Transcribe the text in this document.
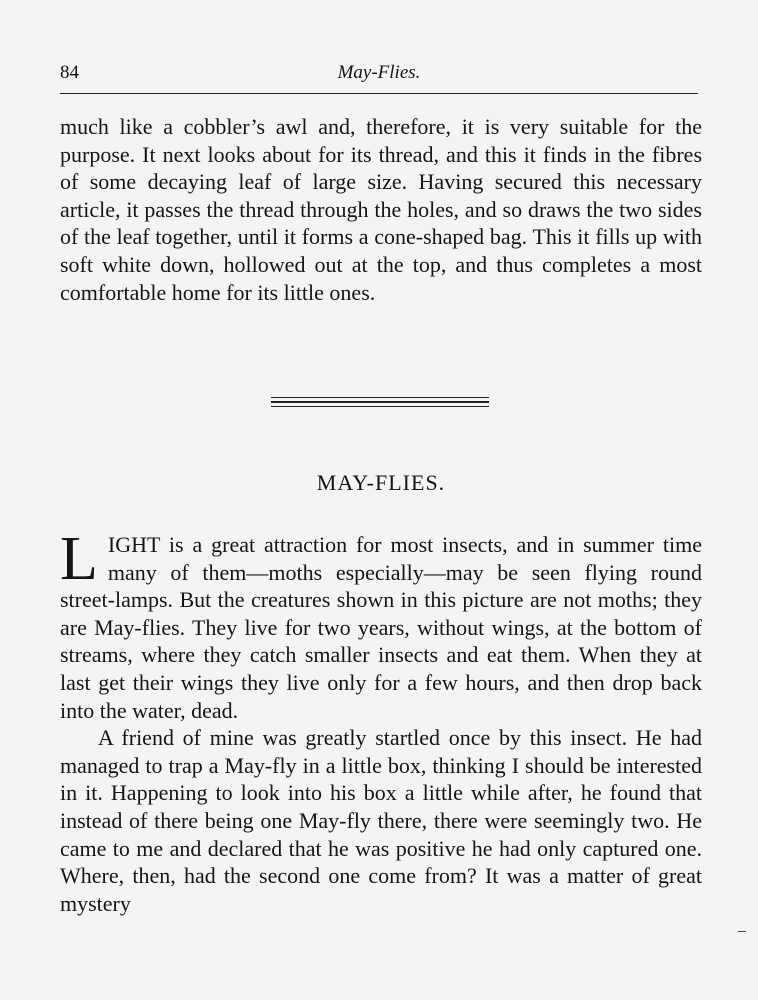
84	May-Flies.

much like a cobbler’s awl and, therefore, it is very suitable for the purpose. It next looks about for its thread, and this it finds in the fibres of some decaying leaf of large size. Having secured this necessary article, it passes the thread through the holes, and so draws the two sides of the leaf together, until it forms a cone-shaped bag. This it fills up with soft white down, hollowed out at the top, and thus completes a most comfortable home for its little ones.

MAY-FLIES.

LIGHT is a great attraction for most insects, and in summer time many of them—moths especially—may be seen flying round street-lamps. But the creatures shown in this picture are not moths; they are May-flies. They live for two years, without wings, at the bottom of streams, where they catch smaller insects and eat them. When they at last get their wings they live only for a few hours, and then drop back into the water, dead.

A friend of mine was greatly startled once by this insect. He had managed to trap a May-fly in a little box, thinking I should be interested in it. Happening to look into his box a little while after, he found that instead of there being one May-fly there, there were seemingly two. He came to me and declared that he was positive he had only captured one. Where, then, had the second one come from? It was a matter of great mystery
